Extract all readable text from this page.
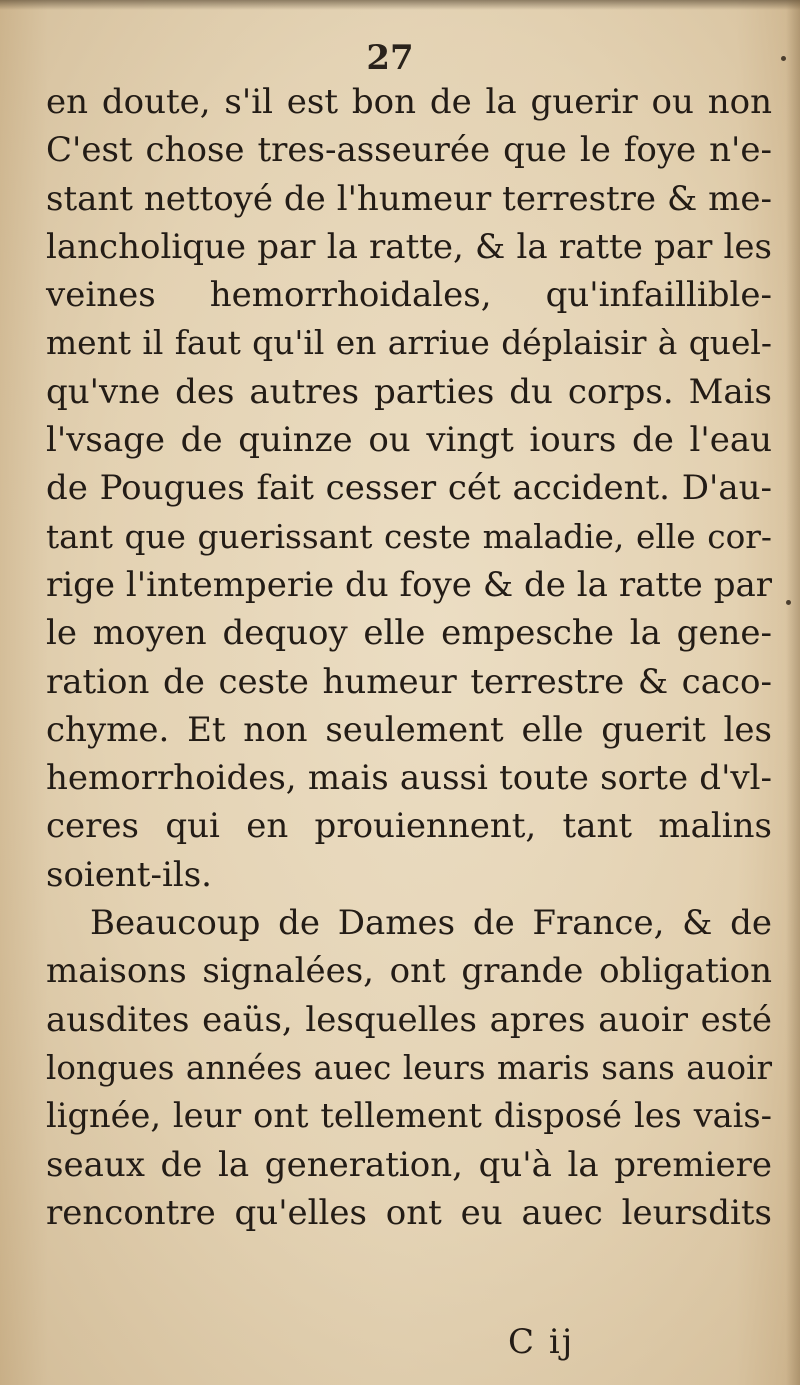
27
en doute, s'il est bon de la guerir ou non
C'est chose tres-asseurée que le foye n'e-
stant nettoyé de l'humeur terrestre & me-
lancholique par la ratte, & la ratte par les
veines hemorrhoidales, qu'infaillible-
ment il faut qu'il en arriue déplaisir à quel-
qu'vne des autres parties du corps. Mais
l'vsage de quinze ou vingt iours de l'eau
de Pougues fait cesser cét accident. D'au-
tant que guerissant ceste maladie, elle cor-
rige l'intemperie du foye & de la ratte par
le moyen dequoy elle empesche la gene-
ration de ceste humeur terrestre & caco-
chyme. Et non seulement elle guerit les
hemorrhoides, mais aussi toute sorte d'vl-
ceres qui en prouiennent, tant malins
soient-ils.
Beaucoup de Dames de France, & de
maisons signalées, ont grande obligation
ausdites eaüs, lesquelles apres auoir esté
longues années auec leurs maris sans auoir
lignée, leur ont tellement disposé les vais-
seaux de la generation, qu'à la premiere
rencontre qu'elles ont eu auec leursdits
C ij
